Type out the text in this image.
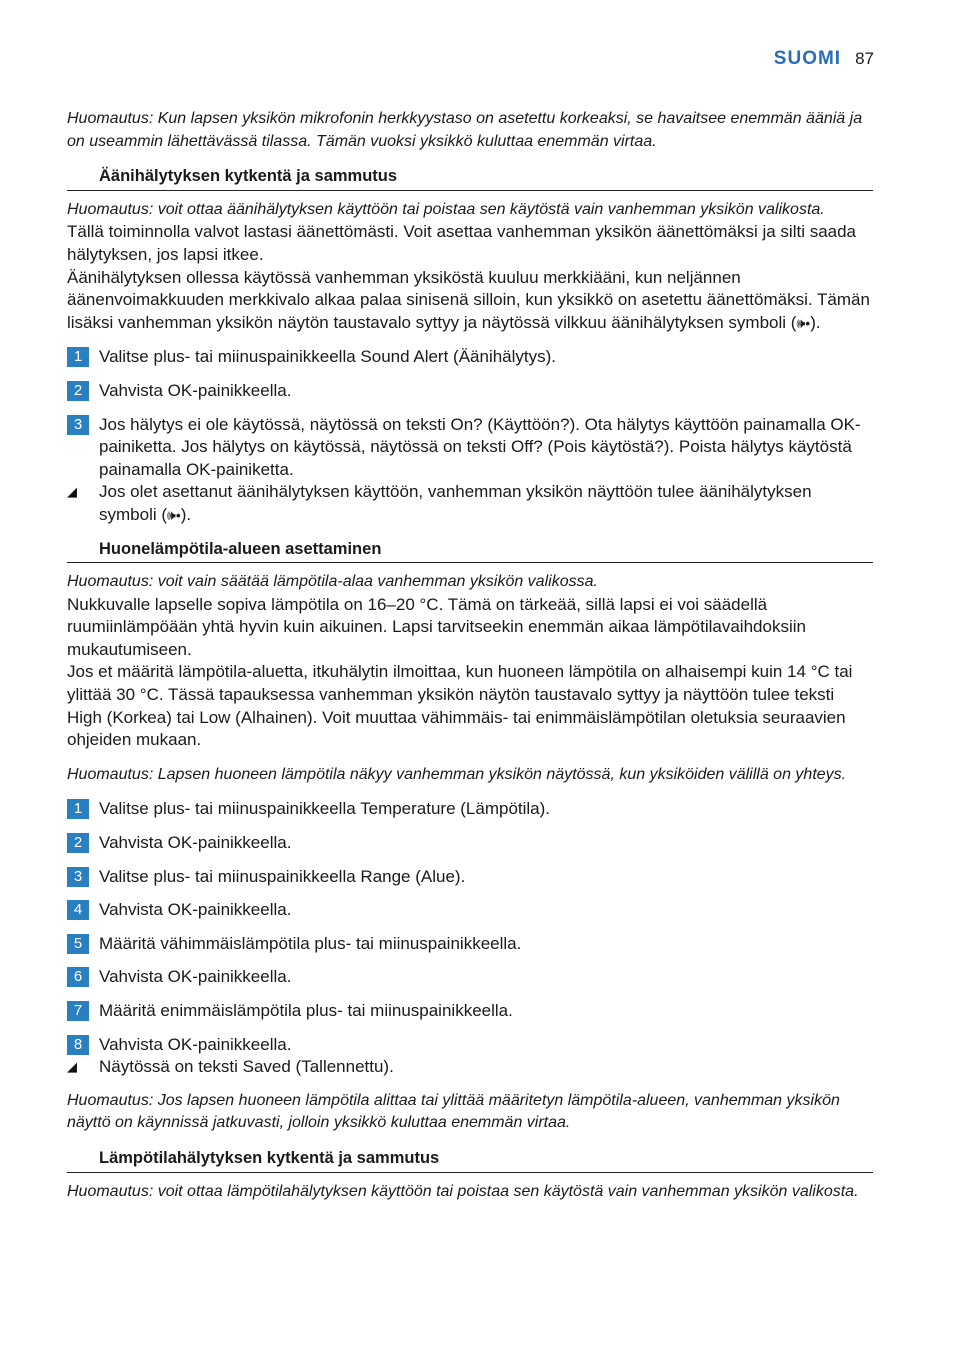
SUOMI 87

Huomautus: Kun lapsen yksikön mikrofonin herkkyystaso on asetettu korkeaksi, se havaitsee enemmän ääniä ja on useammin lähettävässä tilassa. Tämän vuoksi yksikkö kuluttaa enemmän virtaa.

Äänihälytyksen kytkentä ja sammutus

Huomautus: voit ottaa äänihälytyksen käyttöön tai poistaa sen käytöstä vain vanhemman yksikön valikosta.

Tällä toiminnolla valvot lastasi äänettömästi. Voit asettaa vanhemman yksikön äänettömäksi ja silti saada hälytyksen, jos lapsi itkee.

Äänihälytyksen ollessa käytössä vanhemman yksiköstä kuuluu merkkiääni, kun neljännen äänenvoimakkuuden merkkivalo alkaa palaa sinisenä silloin, kun yksikkö on asetettu äänettömäksi. Tämän lisäksi vanhemman yksikön näytön taustavalo syttyy ja näytössä vilkkuu äänihälytyksen symboli (🕪•).

1 Valitse plus- tai miinuspainikkeella Sound Alert (Äänihälytys).
2 Vahvista OK-painikkeella.
3 Jos hälytys ei ole käytössä, näytössä on teksti On? (Käyttöön?). Ota hälytys käyttöön painamalla OK-painiketta. Jos hälytys on käytössä, näytössä on teksti Off? (Pois käytöstä?). Poista hälytys käytöstä painamalla OK-painiketta.
◢	Jos olet asettanut äänihälytyksen käyttöön, vanhemman yksikön näyttöön tulee äänihälytyksen symboli (🕪•).
Huonelämpötila-alueen asettaminen

Huomautus: voit vain säätää lämpötila-alaa vanhemman yksikön valikossa.

Nukkuvalle lapselle sopiva lämpötila on 16–20 °C. Tämä on tärkeää, sillä lapsi ei voi säädellä ruumiinlämpöään yhtä hyvin kuin aikuinen. Lapsi tarvitseekin enemmän aikaa lämpötilavaihdoksiin mukautumiseen.

Jos et määritä lämpötila-aluetta, itkuhälytin ilmoittaa, kun huoneen lämpötila on alhaisempi kuin 14 °C tai ylittää 30 °C. Tässä tapauksessa vanhemman yksikön näytön taustavalo syttyy ja näyttöön tulee teksti High (Korkea) tai Low (Alhainen). Voit muuttaa vähimmäis- tai enimmäislämpötilan oletuksia seuraavien ohjeiden mukaan.

Huomautus: Lapsen huoneen lämpötila näkyy vanhemman yksikön näytössä, kun yksiköiden välillä on yhteys.

1 Valitse plus- tai miinuspainikkeella Temperature (Lämpötila).
2 Vahvista OK-painikkeella.
3 Valitse plus- tai miinuspainikkeella Range (Alue).
4 Vahvista OK-painikkeella.
5 Määritä vähimmäislämpötila plus- tai miinuspainikkeella.
6 Vahvista OK-painikkeella.
7 Määritä enimmäislämpötila plus- tai miinuspainikkeella.
8 Vahvista OK-painikkeella.
◢	Näytössä on teksti Saved (Tallennettu).

Huomautus: Jos lapsen huoneen lämpötila alittaa tai ylittää määritetyn lämpötila-alueen, vanhemman yksikön näyttö on käynnissä jatkuvasti, jolloin yksikkö kuluttaa enemmän virtaa.

Lämpötilahälytyksen kytkentä ja sammutus

Huomautus: voit ottaa lämpötilahälytyksen käyttöön tai poistaa sen käytöstä vain vanhemman yksikön valikosta.
